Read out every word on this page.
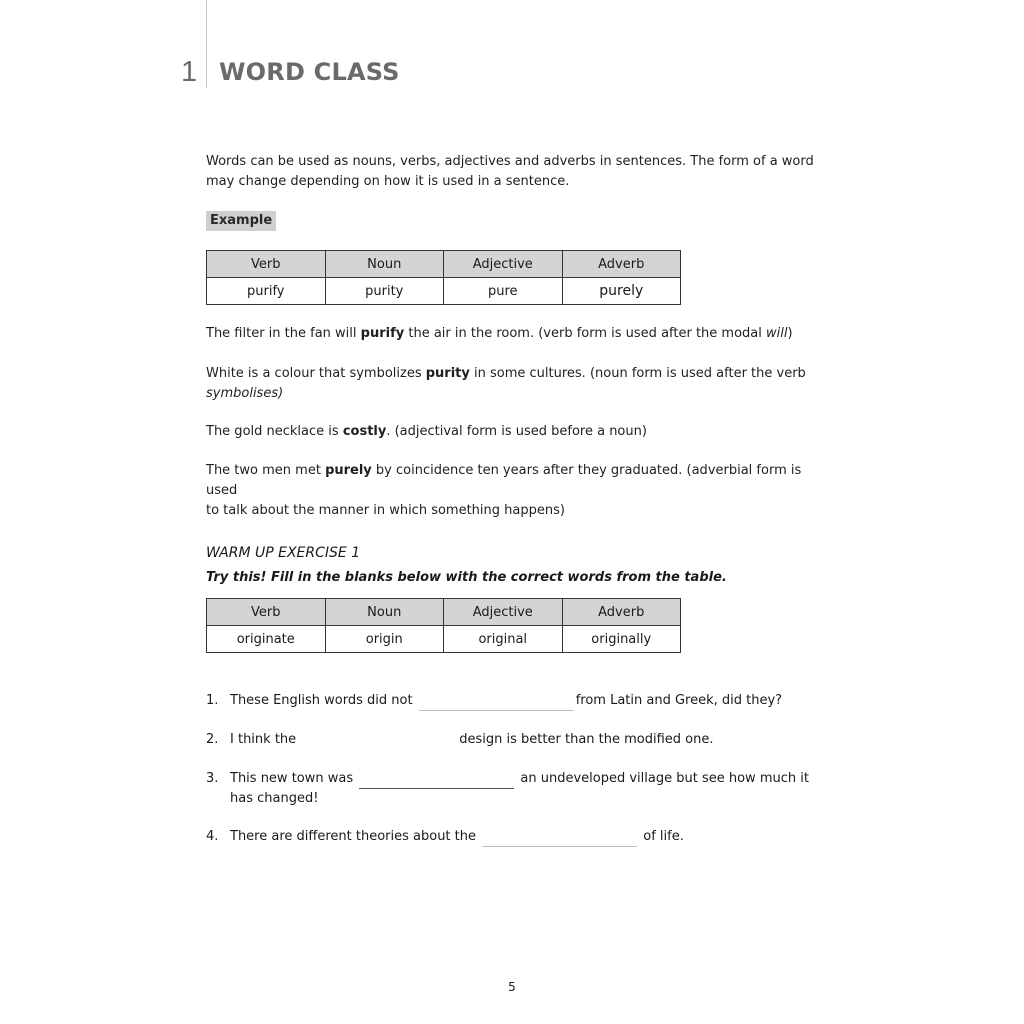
1 WORD CLASS
Words can be used as nouns, verbs, adjectives and adverbs in sentences. The form of a word
may change depending on how it is used in a sentence.
Example
Verb	Noun	Adjective	Adverb
purify	purity	pure	purely
The filter in the fan will purify the air in the room. (verb form is used after the modal will)
White is a colour that symbolizes purity in some cultures. (noun form is used after the verb
symbolises)
The gold necklace is costly. (adjectival form is used before a noun)
The two men met purely by coincidence ten years after they graduated. (adverbial form is used
to talk about the manner in which something happens)
WARM UP EXERCISE 1
Try this! Fill in the blanks below with the correct words from the table.
Verb	Noun	Adjective	Adverb
originate	origin	original	originally
1. These English words did not	from Latin and Greek, did they?
2. I think the	design is better than the modified one.
3. This new town was	an undeveloped village but see how much it
has changed!
4. There are different theories about the	of life.
5
